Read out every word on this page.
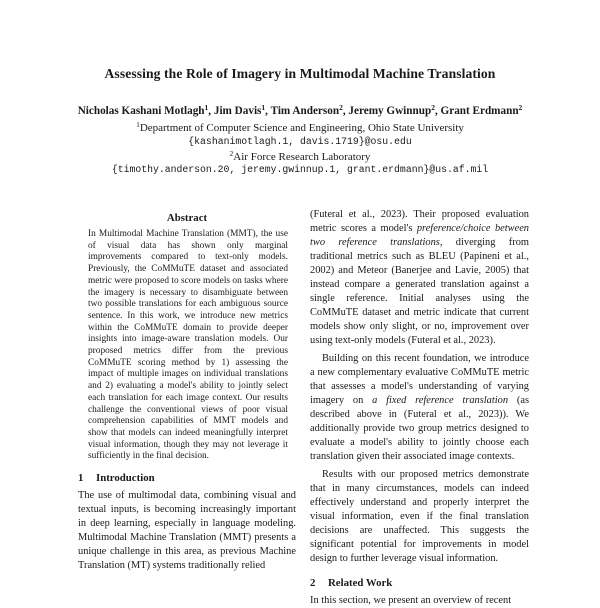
Assessing the Role of Imagery in Multimodal Machine Translation
Nicholas Kashani Motlagh$^1$, Jim Davis$^1$, Tim Anderson$^2$, Jeremy Gwinnup$^2$, Grant Erdmann$^2$
$^1$Department of Computer Science and Engineering, Ohio State University
{kashanimotlagh.1, davis.1719}@osu.edu
$^2$Air Force Research Laboratory
{timothy.anderson.20, jeremy.gwinnup.1, grant.erdmann}@us.af.mil
Abstract
In Multimodal Machine Translation (MMT), the use of visual data has shown only marginal improvements compared to text-only models. Previously, the CoMMuTE dataset and associated metric were proposed to score models on tasks where the imagery is necessary to disambiguate between two possible translations for each ambiguous source sentence. In this work, we introduce new metrics within the CoMMuTE domain to provide deeper insights into image-aware translation models. Our proposed metrics differ from the previous CoMMuTE scoring method by 1) assessing the impact of multiple images on individual translations and 2) evaluating a model's ability to jointly select each translation for each image context. Our results challenge the conventional views of poor visual comprehension capabilities of MMT models and show that models can indeed meaningfully interpret visual information, though they may not leverage it sufficiently in the final decision.
1 Introduction
The use of multimodal data, combining visual and textual inputs, is becoming increasingly important in deep learning, especially in language modeling. Multimodal Machine Translation (MMT) presents a unique challenge in this area, as previous Machine Translation (MT) systems traditionally relied

(Futeral et al., 2023). Their proposed evaluation metric scores a model's preference/choice between two reference translations, diverging from traditional metrics such as BLEU (Papineni et al., 2002) and Meteor (Banerjee and Lavie, 2005) that instead compare a generated translation against a single reference. Initial analyses using the CoMMuTE dataset and metric indicate that current models show only slight, or no, improvement over using text-only models (Futeral et al., 2023).

Building on this recent foundation, we introduce a new complementary evaluative CoMMuTE metric that assesses a model's understanding of varying imagery on a fixed reference translation (as described above in (Futeral et al., 2023)). We additionally provide two group metrics designed to evaluate a model's ability to jointly choose each translation given their associated image contexts.

Results with our proposed metrics demonstrate that in many circumstances, models can indeed effectively understand and properly interpret the visual information, even if the final translation decisions are unaffected. This suggests the significant potential for improvements in model design to further leverage visual information.

2 Related Work
In this section, we present an overview of recent
